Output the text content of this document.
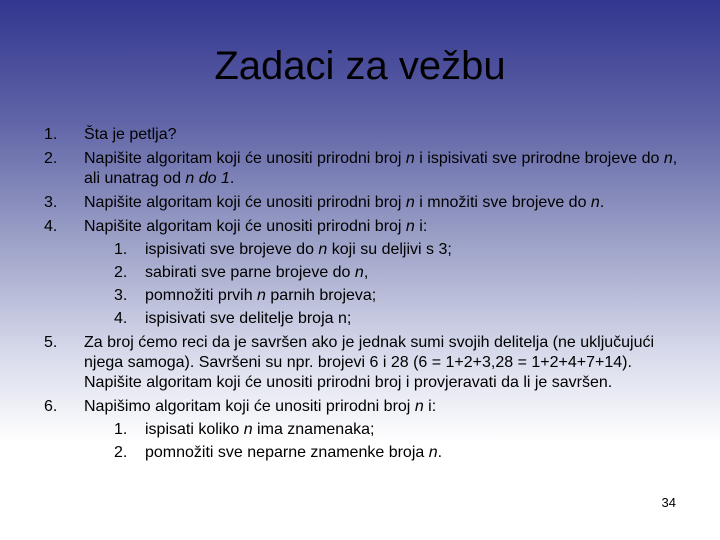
Zadaci za vežbu
1.	Šta je petlja?
2.	Napišite algoritam koji će unositi prirodni broj n i ispisivati sve prirodne brojeve do n, ali unatrag od n do 1.
3.	Napišite algoritam koji će unositi prirodni broj n i množiti sve brojeve do n.
4.	Napišite algoritam koji će unositi prirodni broj n i:
1. ispisivati sve brojeve do n koji su deljivi s 3;
2. sabirati sve parne brojeve do n,
3. pomnožiti prvih n parnih brojeva;
4. ispisivati sve delitelje broja n;
5.	Za broj ćemo reci da je savršen ako je jednak sumi svojih delitelja (ne uključujući njega samoga). Savršeni su npr. brojevi 6 i 28 (6 = 1+2+3,28 = 1+2+4+7+14). Napišite algoritam koji će unositi prirodni broj i provjeravati da li je savršen.
6.	Napišimo algoritam koji će unositi prirodni broj n i:
1. ispisati koliko n ima znamenaka;
2. pomnožiti sve neparne znamenke broja n.
34
